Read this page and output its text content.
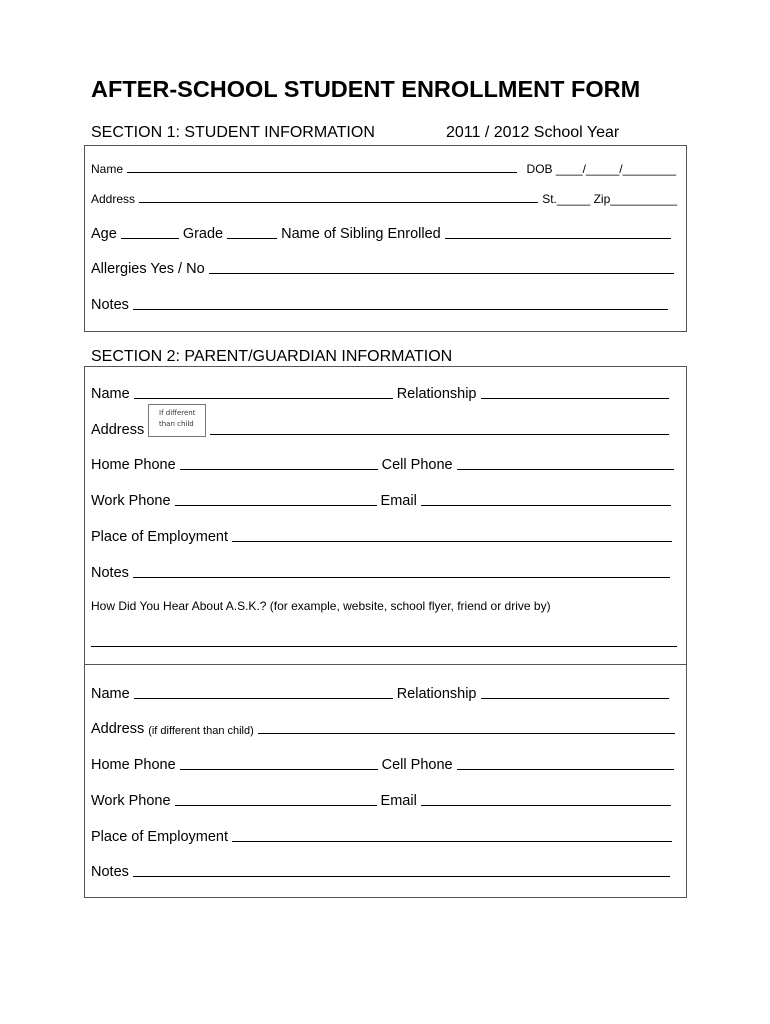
AFTER-SCHOOL STUDENT ENROLLMENT FORM
SECTION 1: STUDENT INFORMATION	2011 / 2012 School Year
Name	DOB ____/_____/________
Address	St._____ Zip__________
Age	Grade	Name of Sibling Enrolled
Allergies Yes / No
Notes
SECTION 2: PARENT/GUARDIAN INFORMATION
Name	Relationship
If different
than child
Address
Home Phone	Cell Phone
Work Phone	Email
Place of Employment
Notes
How Did You Hear About A.S.K.? (for example, website, school flyer, friend or drive by)
Name	Relationship
Address (if different than child)
Home Phone	Cell Phone
Work Phone	Email
Place of Employment
Notes
